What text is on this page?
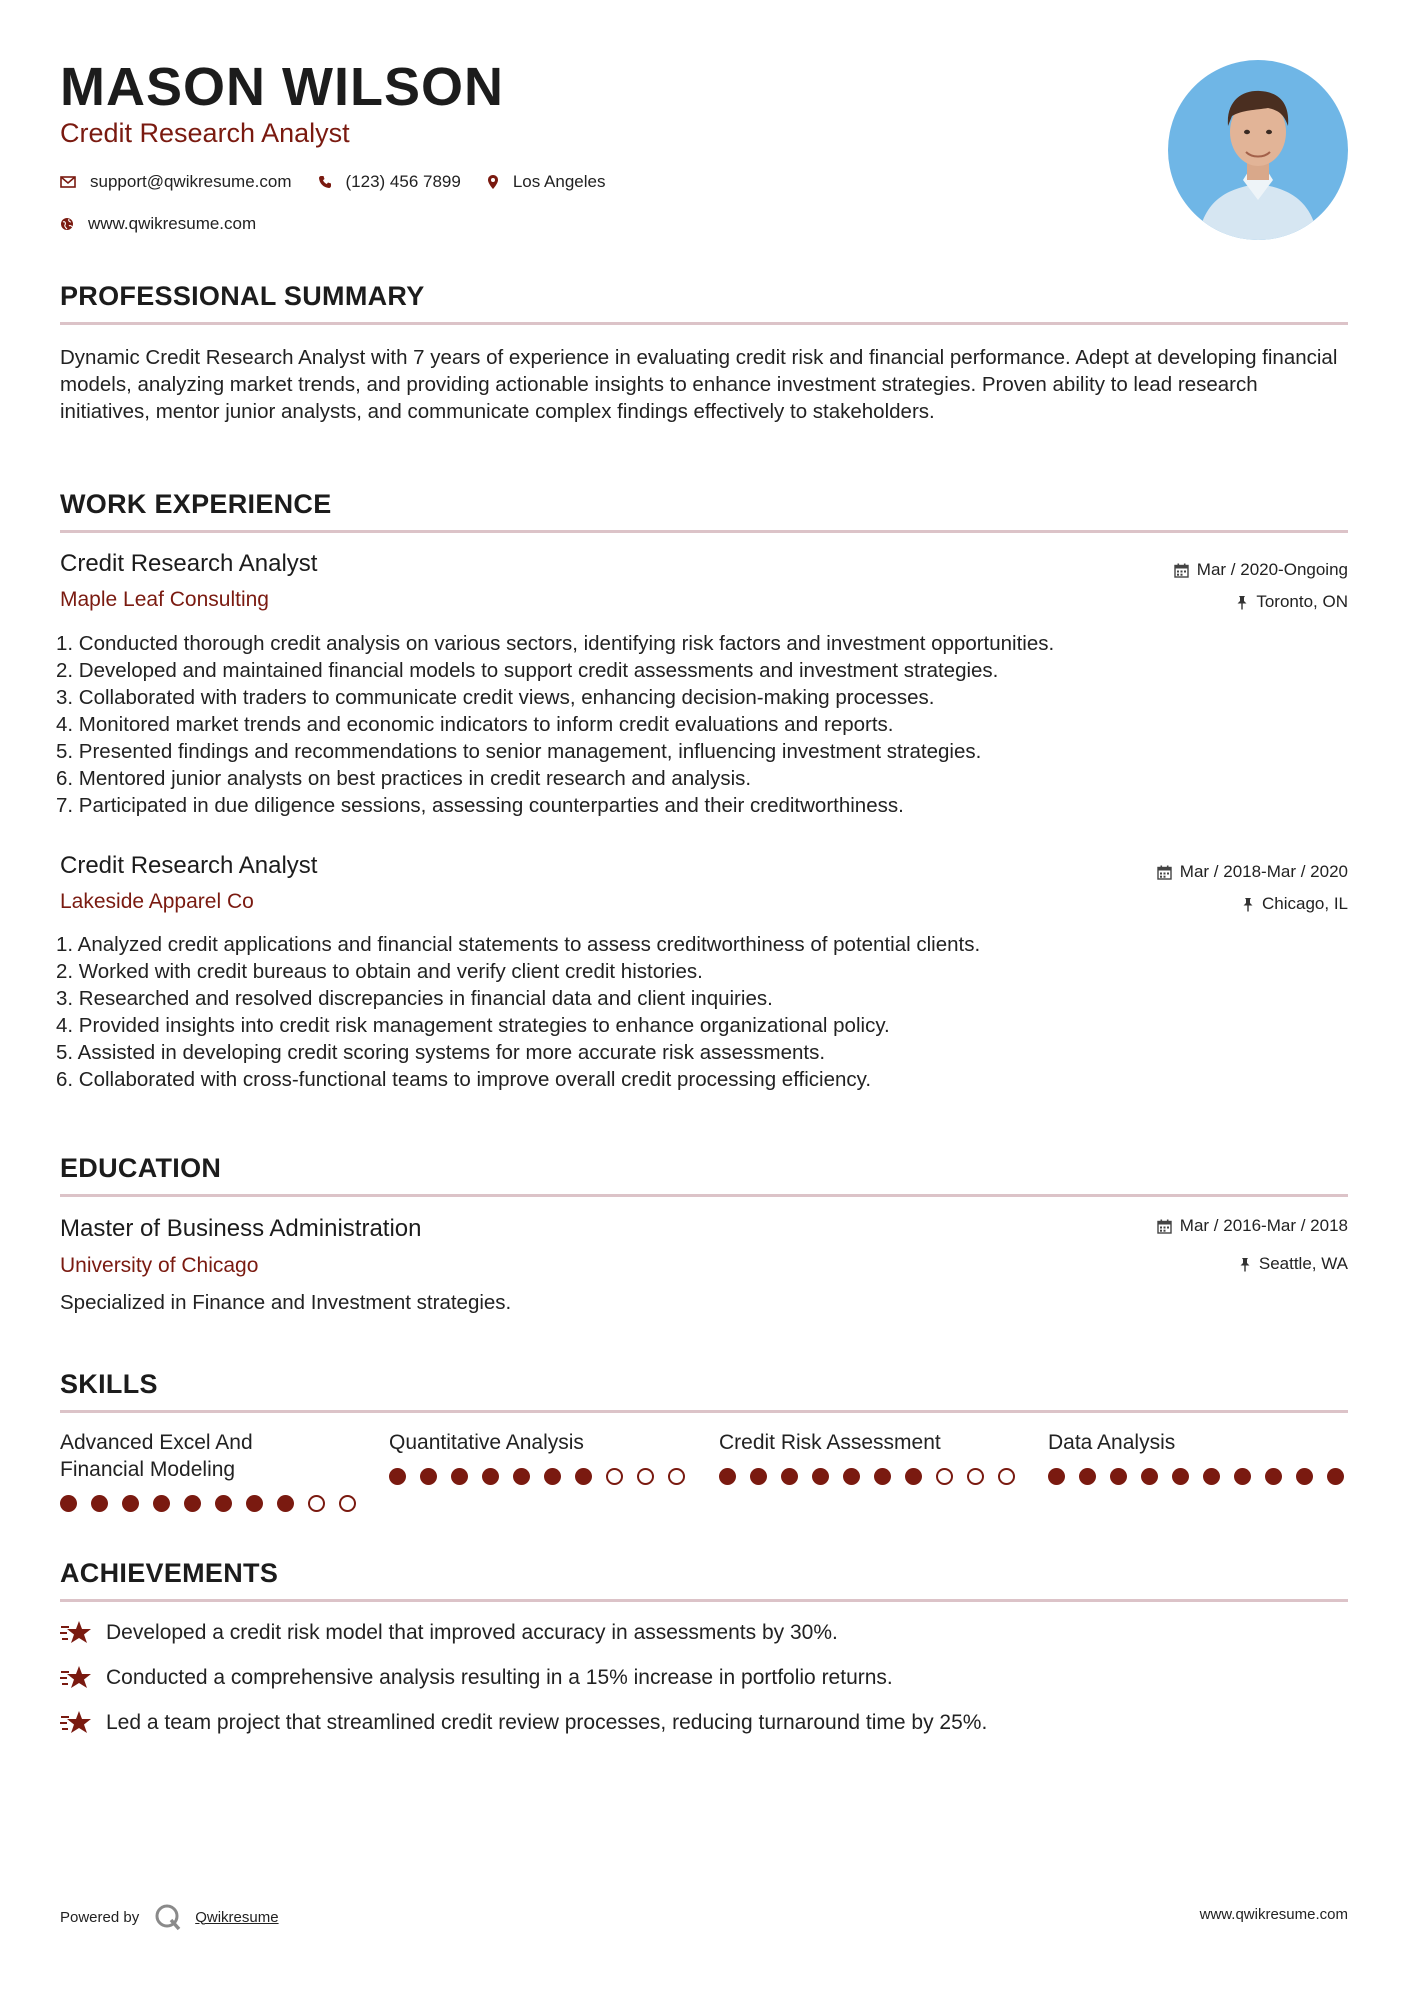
MASON WILSON
Credit Research Analyst
support@qwikresume.com	(123) 456 7899	Los Angeles
www.qwikresume.com
PROFESSIONAL SUMMARY
Dynamic Credit Research Analyst with 7 years of experience in evaluating credit risk and financial performance. Adept at developing financial models, analyzing market trends, and providing actionable insights to enhance investment strategies. Proven ability to lead research initiatives, mentor junior analysts, and communicate complex findings effectively to stakeholders.
WORK EXPERIENCE
Credit Research Analyst	Mar / 2020-Ongoing
Maple Leaf Consulting	Toronto, ON
1. Conducted thorough credit analysis on various sectors, identifying risk factors and investment opportunities.
2. Developed and maintained financial models to support credit assessments and investment strategies.
3. Collaborated with traders to communicate credit views, enhancing decision-making processes.
4. Monitored market trends and economic indicators to inform credit evaluations and reports.
5. Presented findings and recommendations to senior management, influencing investment strategies.
6. Mentored junior analysts on best practices in credit research and analysis.
7. Participated in due diligence sessions, assessing counterparties and their creditworthiness.
Credit Research Analyst	Mar / 2018-Mar / 2020
Lakeside Apparel Co	Chicago, IL
1. Analyzed credit applications and financial statements to assess creditworthiness of potential clients.
2. Worked with credit bureaus to obtain and verify client credit histories.
3. Researched and resolved discrepancies in financial data and client inquiries.
4. Provided insights into credit risk management strategies to enhance organizational policy.
5. Assisted in developing credit scoring systems for more accurate risk assessments.
6. Collaborated with cross-functional teams to improve overall credit processing efficiency.
EDUCATION
Master of Business Administration	Mar / 2016-Mar / 2018
University of Chicago	Seattle, WA
Specialized in Finance and Investment strategies.
SKILLS
Advanced Excel And Financial Modeling
Quantitative Analysis	Credit Risk Assessment	Data Analysis
ACHIEVEMENTS
Developed a credit risk model that improved accuracy in assessments by 30%.
Conducted a comprehensive analysis resulting in a 15% increase in portfolio returns.
Led a team project that streamlined credit review processes, reducing turnaround time by 25%.
Powered by	Qwikresume	www.qwikresume.com
